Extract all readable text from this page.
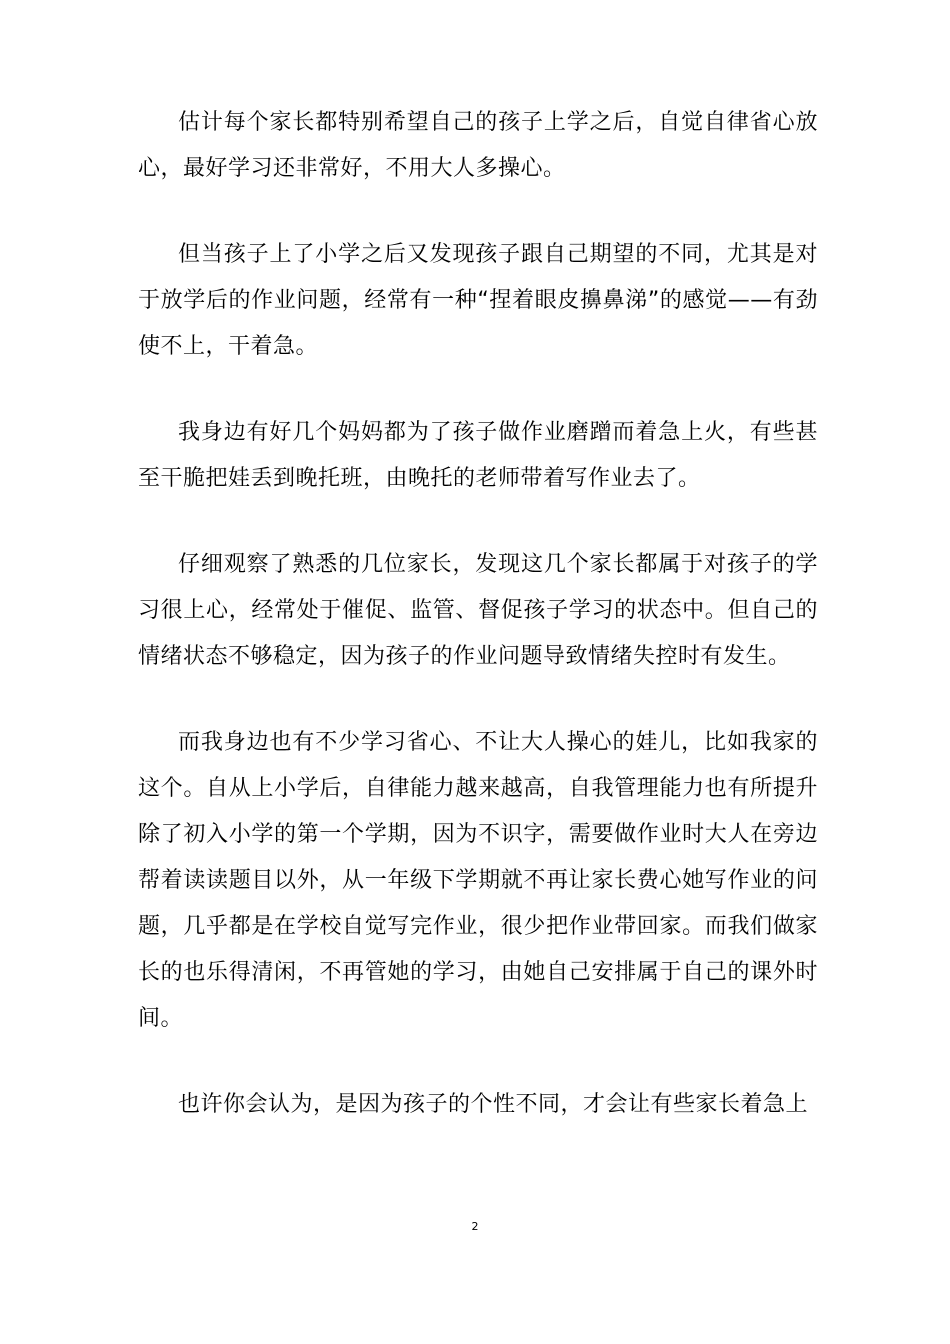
估计每个家长都特别希望自己的孩子上学之后，自觉自律省心放心，最好学习还非常好，不用大人多操心。

但当孩子上了小学之后又发现孩子跟自己期望的不同，尤其是对于放学后的作业问题，经常有一种“捏着眼皮擤鼻涕”的感觉——有劲使不上，干着急。

我身边有好几个妈妈都为了孩子做作业磨蹭而着急上火，有些甚至干脆把娃丢到晚托班，由晚托的老师带着写作业去了。

仔细观察了熟悉的几位家长，发现这几个家长都属于对孩子的学习很上心，经常处于催促、监管、督促孩子学习的状态中。但自己的情绪状态不够稳定，因为孩子的作业问题导致情绪失控时有发生。

而我身边也有不少学习省心、不让大人操心的娃儿，比如我家的这个。自从上小学后，自律能力越来越高，自我管理能力也有所提升除了初入小学的第一个学期，因为不识字，需要做作业时大人在旁边帮着读读题目以外，从一年级下学期就不再让家长费心她写作业的问题，几乎都是在学校自觉写完作业，很少把作业带回家。而我们做家长的也乐得清闲，不再管她的学习，由她自己安排属于自己的课外时间。

也许你会认为，是因为孩子的个性不同，才会让有些家长着急上

2
